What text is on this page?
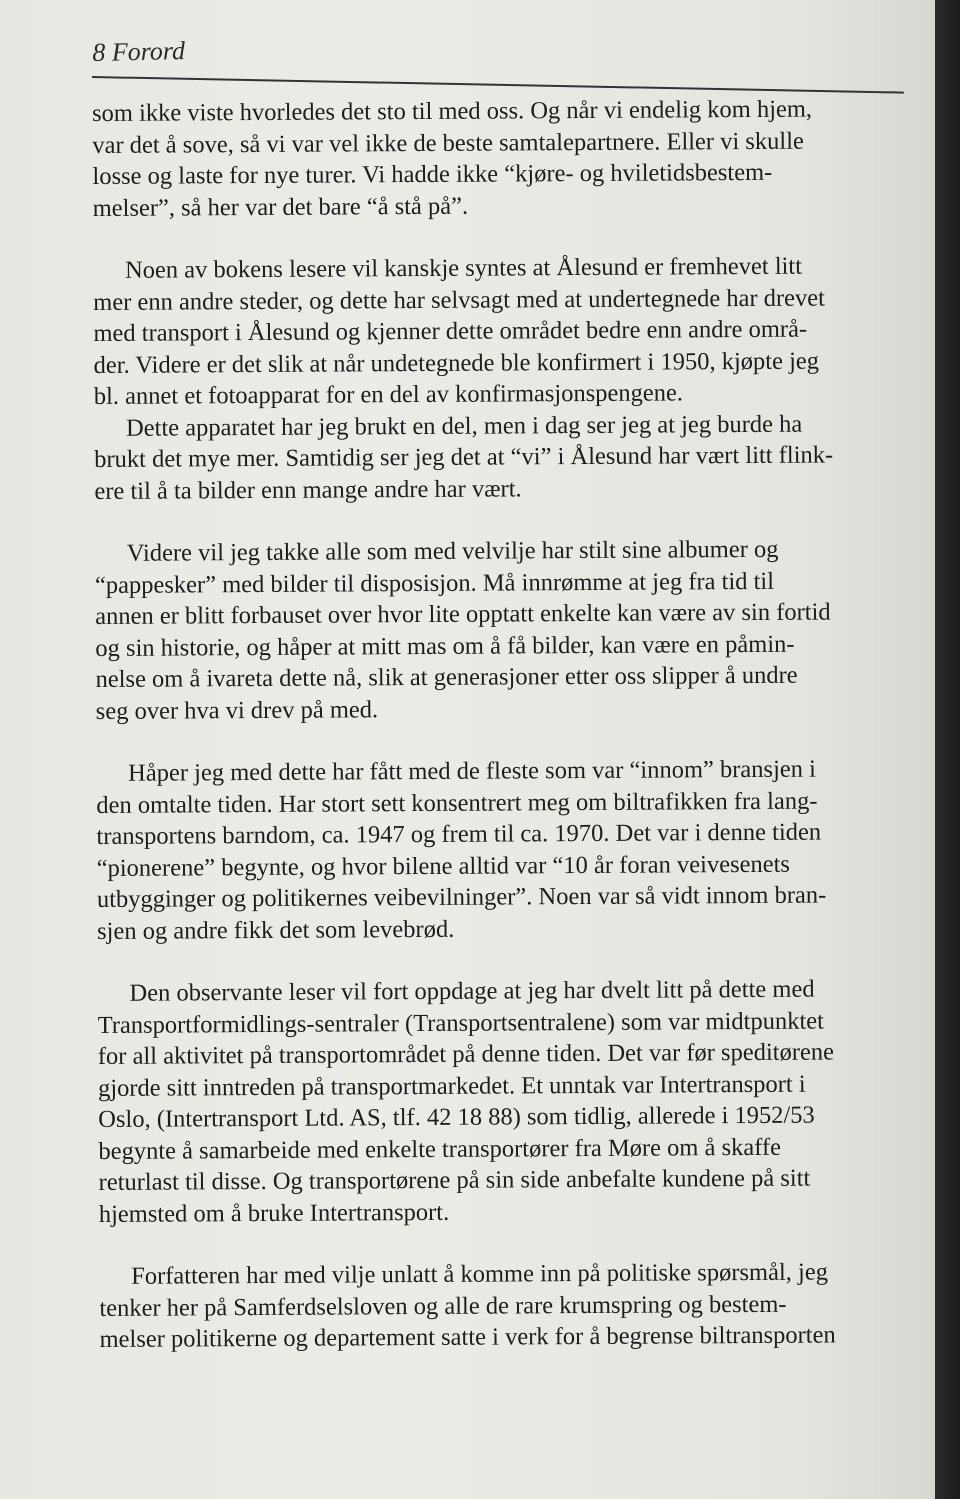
8 Forord
som ikke viste hvorledes det sto til med oss. Og når vi endelig kom hjem,
var det å sove, så vi var vel ikke de beste samtalepartnere. Eller vi skulle
losse og laste for nye turer. Vi hadde ikke “kjøre- og hviletidsbestem-
melser”, så her var det bare “å stå på”.
Noen av bokens lesere vil kanskje syntes at Ålesund er fremhevet litt
mer enn andre steder, og dette har selvsagt med at undertegnede har drevet
med transport i Ålesund og kjenner dette området bedre enn andre områ-
der. Videre er det slik at når undetegnede ble konfirmert i 1950, kjøpte jeg
bl. annet et fotoapparat for en del av konfirmasjonspengene.
Dette apparatet har jeg brukt en del, men i dag ser jeg at jeg burde ha
brukt det mye mer. Samtidig ser jeg det at “vi” i Ålesund har vært litt flink-
ere til å ta bilder enn mange andre har vært.
Videre vil jeg takke alle som med velvilje har stilt sine albumer og
“pappesker” med bilder til disposisjon. Må innrømme at jeg fra tid til
annen er blitt forbauset over hvor lite opptatt enkelte kan være av sin fortid
og sin historie, og håper at mitt mas om å få bilder, kan være en påmin-
nelse om å ivareta dette nå, slik at generasjoner etter oss slipper å undre
seg over hva vi drev på med.
Håper jeg med dette har fått med de fleste som var “innom” bransjen i
den omtalte tiden. Har stort sett konsentrert meg om biltrafikken fra lang-
transportens barndom, ca. 1947 og frem til ca. 1970. Det var i denne tiden
“pionerene” begynte, og hvor bilene alltid var “10 år foran veivesenets
utbygginger og politikernes veibevilninger”. Noen var så vidt innom bran-
sjen og andre fikk det som levebrød.
Den observante leser vil fort oppdage at jeg har dvelt litt på dette med
Transportformidlings-sentraler (Transportsentralene) som var midtpunktet
for all aktivitet på transportområdet på denne tiden. Det var før speditørene
gjorde sitt inntreden på transportmarkedet. Et unntak var Intertransport i
Oslo, (Intertransport Ltd. AS, tlf. 42 18 88) som tidlig, allerede i 1952/53
begynte å samarbeide med enkelte transportører fra Møre om å skaffe
returlast til disse. Og transportørene på sin side anbefalte kundene på sitt
hjemsted om å bruke Intertransport.
Forfatteren har med vilje unlatt å komme inn på politiske spørsmål, jeg
tenker her på Samferdselsloven og alle de rare krumspring og bestem-
melser politikerne og departement satte i verk for å begrense biltransporten
